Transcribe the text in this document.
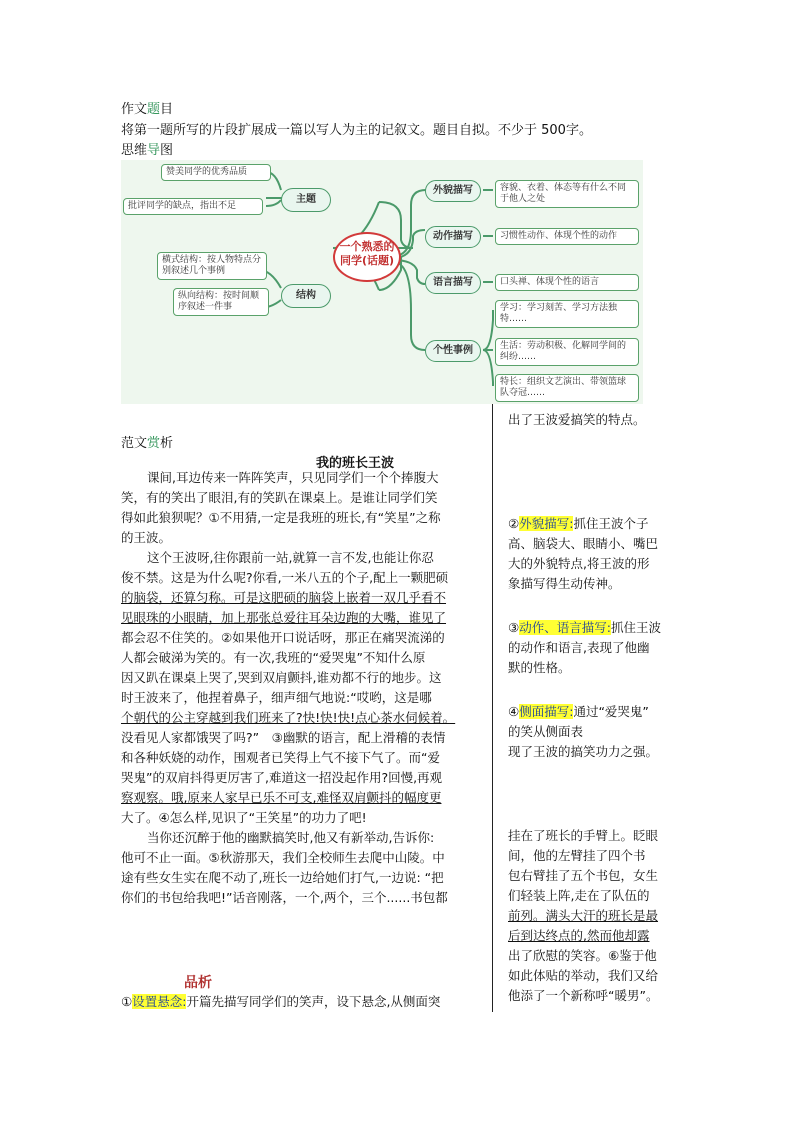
作文题目
将第一题所写的片段扩展成一篇以写人为主的记叙文。题目自拟。不少于 500字。
思维导图
赞美同学的优秀品质
批评同学的缺点，指出不足
主题
横式结构：按人物特点分别叙述几个事例
纵向结构：按时间顺序叙述一件事
结构
一个熟悉的
同学(话题)
外貌描写	容貌、衣着、体态等有什么不同于他人之处
动作描写	习惯性动作、体现个性的动作
语言描写	口头禅、体现个性的语言
个性事例
学习：学习刻苦、学习方法独特……
生活：劳动积极、化解同学间的纠纷……
特长：组织文艺演出、带领篮球队夺冠……
范文赏析
我的班长王波
课间,耳边传来一阵阵笑声，只见同学们一个个捧腹大
笑，有的笑出了眼泪,有的笑趴在课桌上。是谁让同学们笑
得如此狼狈呢？①不用猜,一定是我班的班长,有“笑星”之称
的王波。
这个王波呀,往你跟前一站,就算一言不发,也能让你忍
俊不禁。这是为什么呢?你看,一米八五的个子,配上一颗肥硕
的脑袋，还算匀称。可是这肥硕的脑袋上嵌着一双几乎看不
见眼珠的小眼睛，加上那张总爱往耳朵边跑的大嘴，谁见了
都会忍不住笑的。②如果他开口说话呀，那正在痛哭流涕的
人都会破涕为笑的。有一次,我班的“爱哭鬼”不知什么原
因又趴在课桌上哭了,哭到双肩颤抖,谁劝都不行的地步。这
时王波来了，他捏着鼻子，细声细气地说:“哎哟，这是哪
个朝代的公主穿越到我们班来了?快!快!快!点心茶水伺候着。
没看见人家都饿哭了吗?”　③幽默的语言，配上滑稽的表情
和各种妖娆的动作，围观者已笑得上气不接下气了。而“爱
哭鬼”的双肩抖得更厉害了,难道这一招没起作用?回慢,再观
察观察。哦,原来人家早已乐不可支,难怪双肩颤抖的幅度更
大了。④怎么样,见识了“王笑星”的功力了吧!
当你还沉醉于他的幽默搞笑时,他又有新举动,告诉你:
他可不止一面。⑤秋游那天，我们全校师生去爬中山陵。中
途有些女生实在爬不动了,班长一边给她们打气,一边说: “把
你们的书包给我吧!”话音刚落，一个,两个，三个......书包都
品析
①设置悬念:开篇先描写同学们的笑声，设下悬念,从侧面突
出了王波爱搞笑的特点。
②外貌描写:抓住王波个子
高、脑袋大、眼睛小、嘴巴
大的外貌特点,将王波的形
象描写得生动传神。
③动作、语言描写:抓住王波
的动作和语言,表现了他幽
默的性格。
④侧面描写:通过“爱哭鬼”
的笑从侧面表
现了王波的搞笑功力之强。
挂在了班长的手臂上。眨眼
间，他的左臂挂了四个书
包右臂挂了五个书包，女生
们轻装上阵,走在了队伍的
前列。满头大汗的班长是最
后到达终点的,然而他却露
出了欣慰的笑容。⑥鉴于他
如此体贴的举动，我们又给
他添了一个新称呼“暖男”。
